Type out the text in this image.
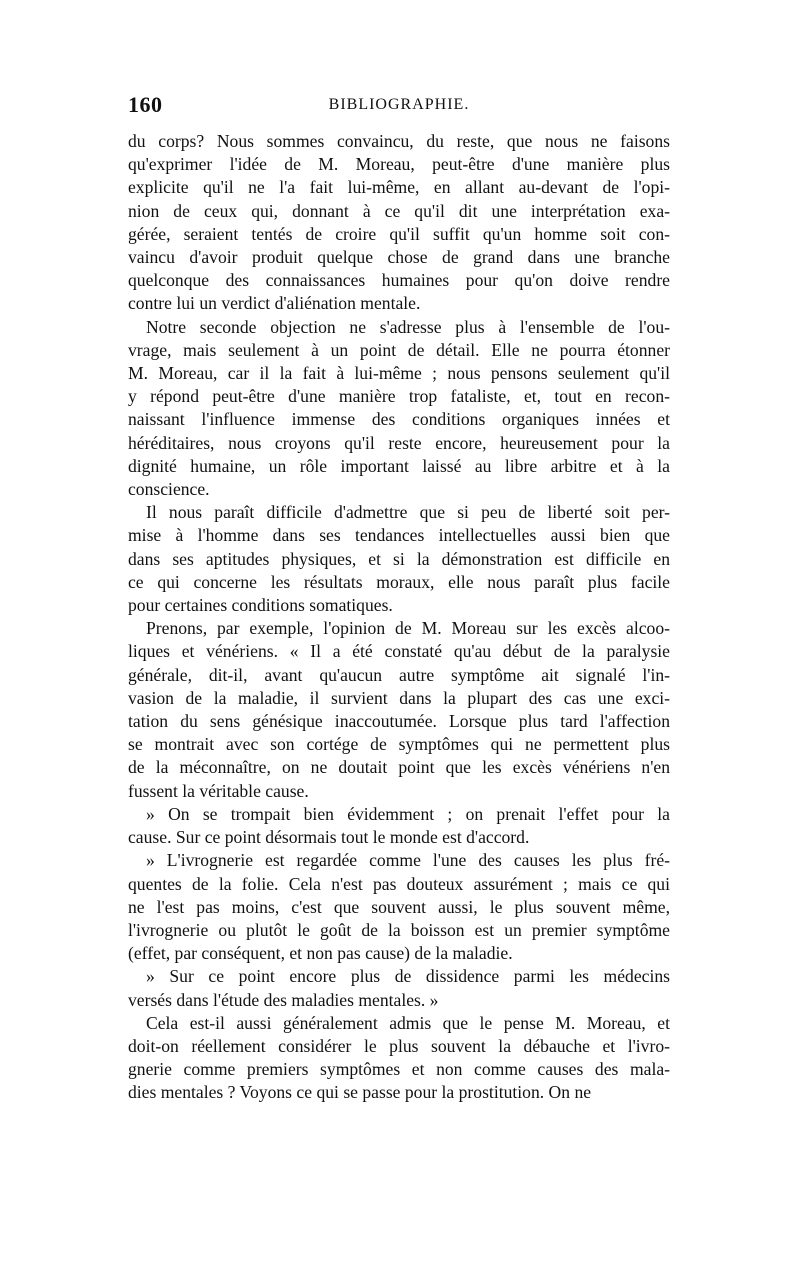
160	BIBLIOGRAPHIE.

du corps? Nous sommes convaincu, du reste, que nous ne faisons
qu'exprimer l'idée de M. Moreau, peut-être d'une manière plus
explicite qu'il ne l'a fait lui-même, en allant au-devant de l'opi-
nion de ceux qui, donnant à ce qu'il dit une interprétation exa-
gérée, seraient tentés de croire qu'il suffit qu'un homme soit con-
vaincu d'avoir produit quelque chose de grand dans une branche
quelconque des connaissances humaines pour qu'on doive rendre
contre lui un verdict d'aliénation mentale.

Notre seconde objection ne s'adresse plus à l'ensemble de l'ou-
vrage, mais seulement à un point de détail. Elle ne pourra étonner
M. Moreau, car il la fait à lui-même ; nous pensons seulement qu'il
y répond peut-être d'une manière trop fataliste, et, tout en recon-
naissant l'influence immense des conditions organiques innées et
héréditaires, nous croyons qu'il reste encore, heureusement pour la
dignité humaine, un rôle important laissé au libre arbitre et à la
conscience.

Il nous paraît difficile d'admettre que si peu de liberté soit per-
mise à l'homme dans ses tendances intellectuelles aussi bien que
dans ses aptitudes physiques, et si la démonstration est difficile en
ce qui concerne les résultats moraux, elle nous paraît plus facile
pour certaines conditions somatiques.

Prenons, par exemple, l'opinion de M. Moreau sur les excès alcoo-
liques et vénériens. « Il a été constaté qu'au début de la paralysie
générale, dit-il, avant qu'aucun autre symptôme ait signalé l'in-
vasion de la maladie, il survient dans la plupart des cas une exci-
tation du sens génésique inaccoutumée. Lorsque plus tard l'affection
se montrait avec son cortége de symptômes qui ne permettent plus
de la méconnaître, on ne doutait point que les excès vénériens n'en
fussent la véritable cause.

» On se trompait bien évidemment ; on prenait l'effet pour la
cause. Sur ce point désormais tout le monde est d'accord.

» L'ivrognerie est regardée comme l'une des causes les plus fré-
quentes de la folie. Cela n'est pas douteux assurément ; mais ce qui
ne l'est pas moins, c'est que souvent aussi, le plus souvent même,
l'ivrognerie ou plutôt le goût de la boisson est un premier symptôme
(effet, par conséquent, et non pas cause) de la maladie.

» Sur ce point encore plus de dissidence parmi les médecins
versés dans l'étude des maladies mentales. »

Cela est-il aussi généralement admis que le pense M. Moreau, et
doit-on réellement considérer le plus souvent la débauche et l'ivro-
gnerie comme premiers symptômes et non comme causes des mala-
dies mentales ? Voyons ce qui se passe pour la prostitution. On ne
